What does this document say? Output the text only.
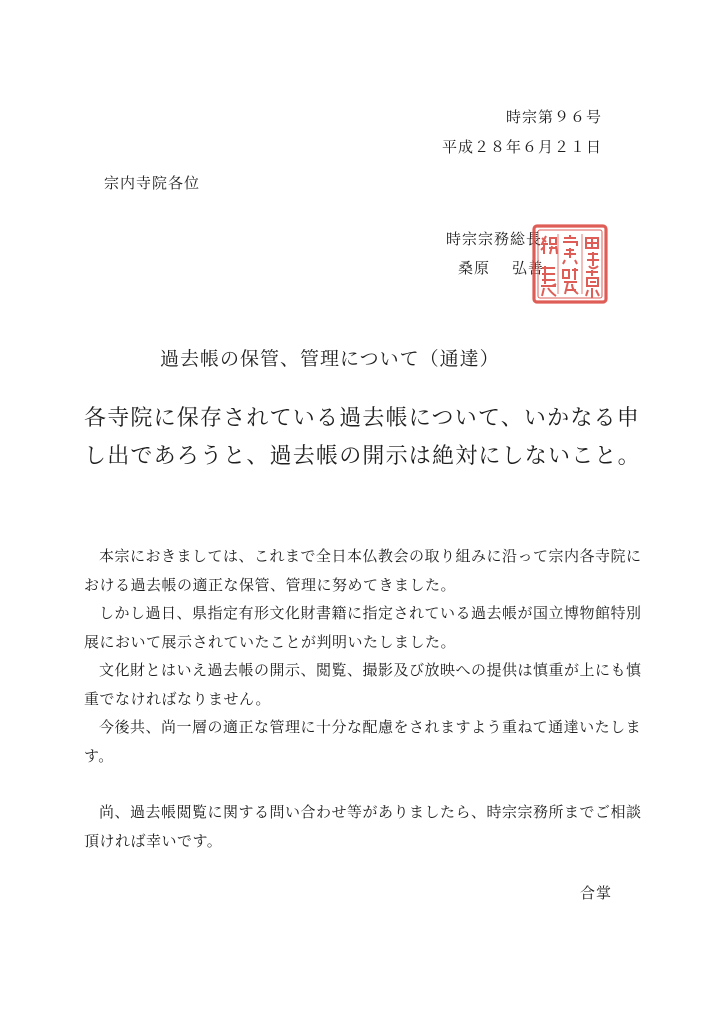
時宗第９６号
平成２８年６月２１日
宗内寺院各位
時宗宗務総長
桑原 弘善
過去帳の保管、管理について（通達）

各寺院に保存されている過去帳について、いかなる申し出であろうと、過去帳の開示は絶対にしないこと。

本宗におきましては、これまで全日本仏教会の取り組みに沿って宗内各寺院における過去帳の適正な保管、管理に努めてきました。

しかし過日、県指定有形文化財書籍に指定されている過去帳が国立博物館特別展において展示されていたことが判明いたしました。

文化財とはいえ過去帳の開示、閲覧、撮影及び放映への提供は慎重が上にも慎重でなければなりません。

今後共、尚一層の適正な管理に十分な配慮をされますよう重ねて通達いたします。

尚、過去帳閲覧に関する問い合わせ等がありましたら、時宗宗務所までご相談頂ければ幸いです。

合掌
